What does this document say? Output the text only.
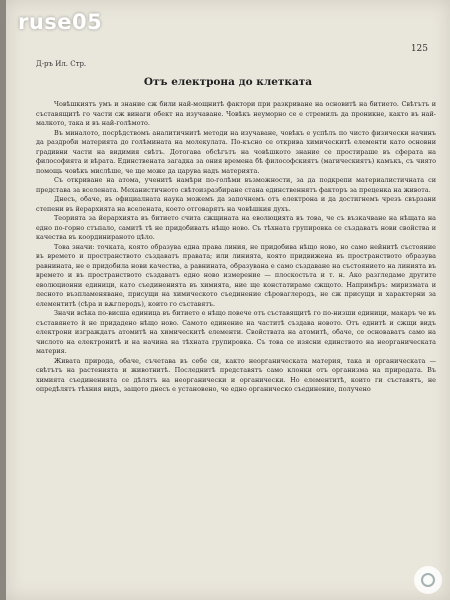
ruse05
125
Д-ръ Ил. Стр.
Отъ електрона до клетката

Човѣшкиятъ умъ и знание сж били най-мощнитѣ фактори при разкриване на основитѣ на битието. Свѣтътъ и съставящитѣ го части сж винаги обект на изучаване. Човѣкъ неуморно се е стремилъ да проникне, както въ най-малкото, така и въ най-голѣмото.

Въ миналото, посрѣдствомъ аналитичнитѣ методи на изучаване, човѣкъ е успѣлъ по чисто физически начинъ да раздроби материята до голѣмината на молекулата. По-късно се открива химическитѣ елементи като основни градивни части на видимия свѣтъ. Дотогава обсѣгътъ на човѣшкото знание се простираше въ сферата на философията и вѣрата. Единствената загадка за ония времена бѣ философскиятъ (магическиятъ) камъкъ, съ чиято помощь човѣкъ мислѣше, че ще може да царува надъ материята.

Съ откриване на атома, ученитѣ намѣри по-голѣми възможности, за да подкрепи материалистичната си представа за вселената. Механистичното свѣтоизразбиране стана единственнятъ факторъ за преценка на живота.

Днесъ, обаче, въ официалната наука можемъ да започнемъ отъ електрона и да достигнемъ чрезъ свързани степени въ йерархията на вселената, което отговарятъ на човѣшкия духъ.

Теорията за йерархията въ битието счита сжщината на еволюцията въ това, че съ възкачване на нѣщата на едно по-горно стъпало, самитѣ тѣ не придобиватъ нѣщо ново. Съ тѣхната групировка се създаватъ нови свойства и качества въ координираното цѣло.

Това значи: точката, която образува една права линия, не придобива нѣщо ново, но само нейнитѣ състояние въ времето и пространството създаватъ правата; или линията, която придвижена въ пространството образува равнината, не е придобила нови качества, а равнината, образувана е само създаване на състоянието на линията въ времето и въ пространството създаватъ едно ново измерение — плоскостьта и т. н. Ако разгледаме другите еволюционни единици, като съединенията въ химията, ние ще констатираме сжщото. Напримѣръ: миризмата и лесното възпламеняване, присущи на химическото съединение сѣроваглеродъ, не сж присущи и характерни за елементитѣ (сѣра и вѫглеродъ), които го съставятъ.

Значи всѣка по-висша единица въ битието е нѣщо повече отъ съставящитѣ го по-низши единици, макаръ че въ съставянето ѝ не придадено нѣщо ново. Самото единение на частитѣ създава новото. Отъ еднитѣ и сжщи видъ електрони изграждатъ атомитѣ на химическитѣ елементи. Свойствата на атомитѣ, обаче, се основаватъ само на числото на електронитѣ и на начина на тѣхната групировка. Съ това се изясни единството на неорганическата материя.

Живата природа, обаче, съчетава въ себе си, както неорганическата материя, така и органическата — свѣтътъ на растенията и животнитѣ. Последнитѣ представятъ само клонки отъ организма на природата. Въ химията съединенията се дѣлятъ на неорганически и органически. Но елементитѣ, които ги съставятъ, не опредѣлятъ тѣхния видъ, защото днесъ е установено, че едно органическо съединение, получено
